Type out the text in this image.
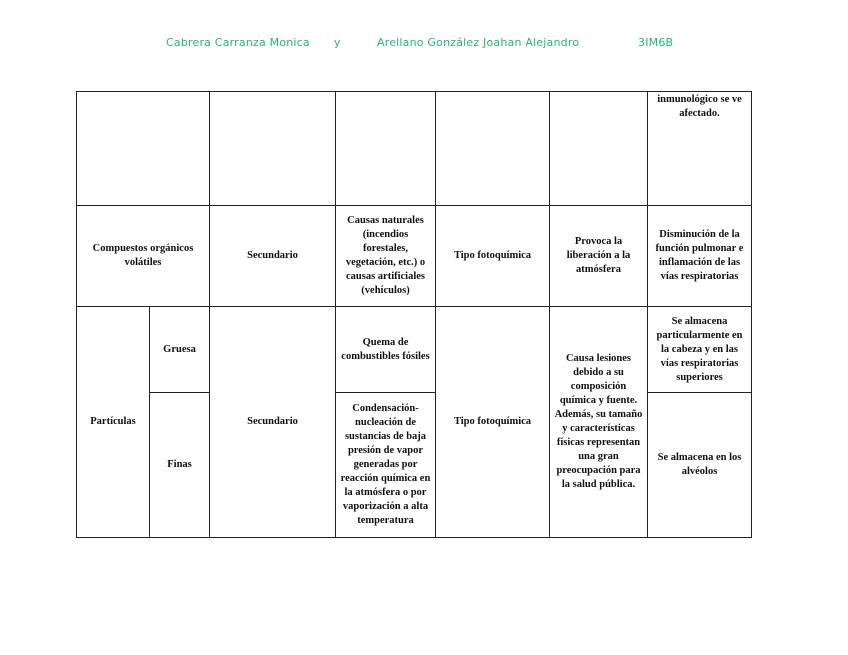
Cabrera Carranza Monica y	Arellano González Joahan Alejandro	3IM6B
						inmunológico se ve afectado.
Compuestos orgánicos volátiles		Secundario	Causas naturales (incendios forestales, vegetación, etc.) o causas artificiales (vehículos)	Tipo fotoquímica	Provoca la liberación a la atmósfera	Disminución de la función pulmonar e inflamación de las vías respiratorias
Partículas	Gruesa	Secundario	Quema de combustibles fósiles	Tipo fotoquímica	Causa lesiones debido a su composición química y fuente. Además, su tamaño y características físicas representan una gran preocupación para la salud pública.	Se almacena particularmente en la cabeza y en las vías respiratorias superiores
	Finas		Condensación-nucleación de sustancias de baja presión de vapor generadas por reacción química en la atmósfera o por vaporización a alta temperatura			Se almacena en los alvéolos
